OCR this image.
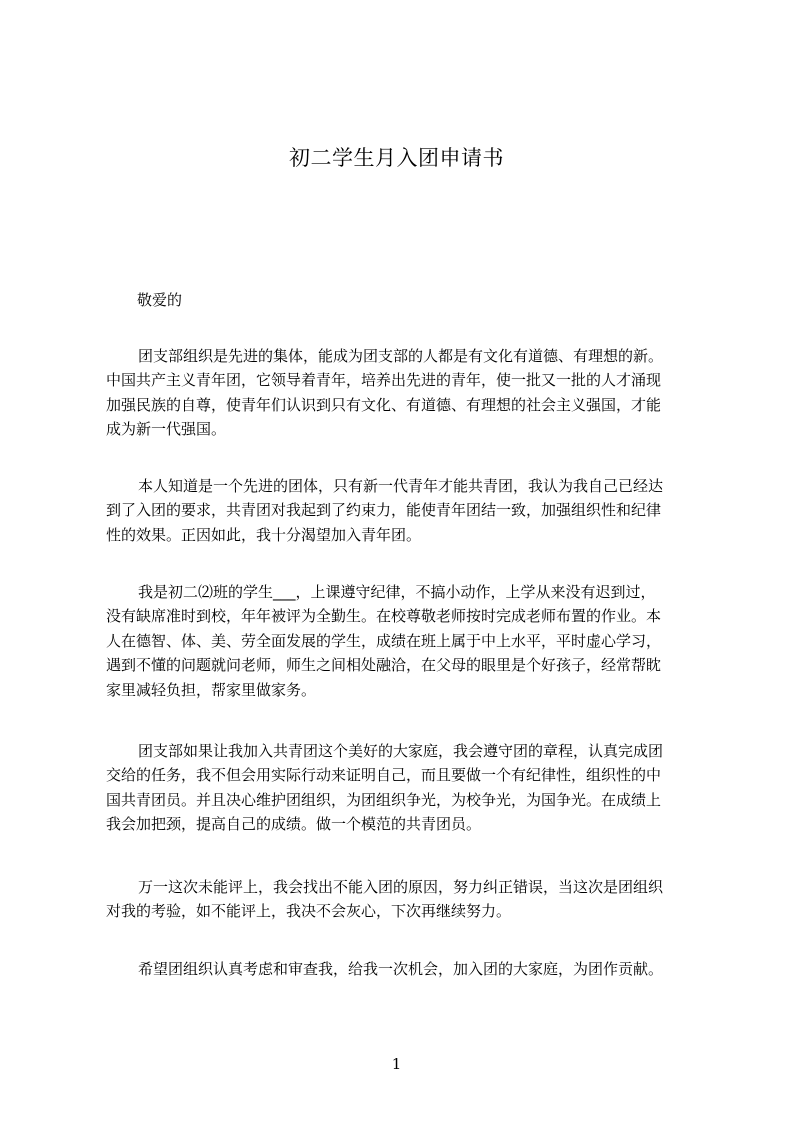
初二学生月入团申请书
敬爱的
团支部组织是先进的集体，能成为团支部的人都是有文化有道德、有理想的新。
中国共产主义青年团，它领导着青年，培养出先进的青年，使一批又一批的人才涌现
加强民族的自尊，使青年们认识到只有文化、有道德、有理想的社会主义强国，才能
成为新一代强国。
本人知道是一个先进的团体，只有新一代青年才能共青团，我认为我自己已经达
到了入团的要求，共青团对我起到了约束力，能使青年团结一致，加强组织性和纪律
性的效果。正因如此，我十分渴望加入青年团。
我是初二⑵班的学生___，上课遵守纪律，不搞小动作，上学从来没有迟到过，
没有缺席准时到校，年年被评为全勤生。在校尊敬老师按时完成老师布置的作业。本
人在德智、体、美、劳全面发展的学生，成绩在班上属于中上水平，平时虚心学习，
遇到不懂的问题就问老师，师生之间相处融洽，在父母的眼里是个好孩子，经常帮眈
家里减轻负担，帮家里做家务。
团支部如果让我加入共青团这个美好的大家庭，我会遵守团的章程，认真完成团
交给的任务，我不但会用实际行动来证明自己，而且要做一个有纪律性，组织性的中
国共青团员。并且决心维护团组织，为团组织争光，为校争光，为国争光。在成绩上
我会加把颈，提高自己的成绩。做一个模范的共青团员。
万一这次未能评上，我会找出不能入团的原因，努力纠正错误，当这次是团组织
对我的考验，如不能评上，我决不会灰心，下次再继续努力。
希望团组织认真考虑和审查我，给我一次机会，加入团的大家庭，为团作贡献。
1
